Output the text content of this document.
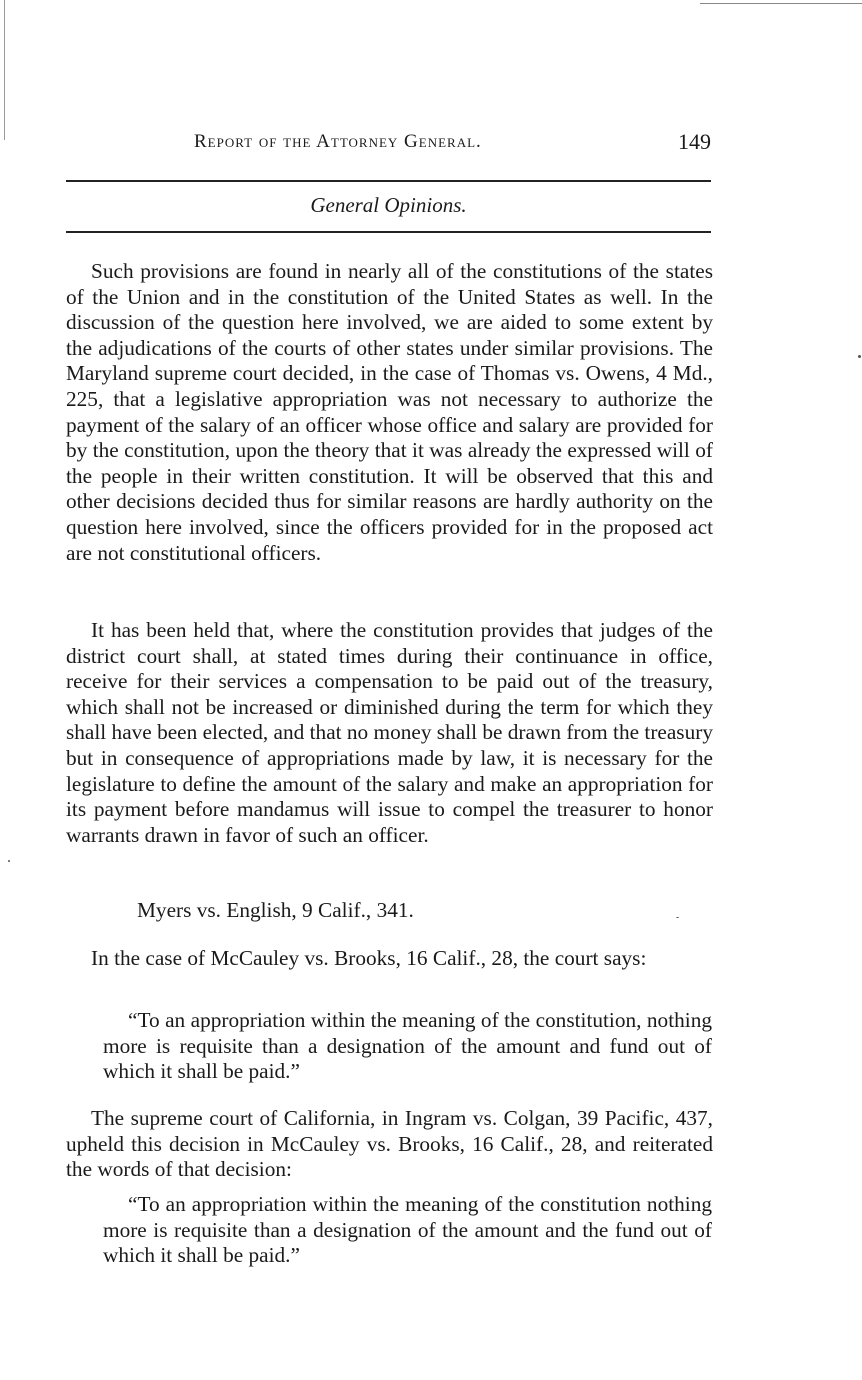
Report of the Attorney General.	149
General Opinions.
Such provisions are found in nearly all of the constitutions of the states of the Union and in the constitution of the United States as well. In the discussion of the question here involved, we are aided to some extent by the adjudications of the courts of other states under similar provisions. The Maryland supreme court decided, in the case of Thomas vs. Owens, 4 Md., 225, that a legislative appropriation was not necessary to authorize the payment of the salary of an officer whose office and salary are provided for by the constitution, upon the theory that it was already the expressed will of the people in their written constitution. It will be observed that this and other decisions decided thus for similar reasons are hardly authority on the question here involved, since the officers provided for in the proposed act are not constitutional officers.
It has been held that, where the constitution provides that judges of the district court shall, at stated times during their continuance in office, receive for their services a compensation to be paid out of the treasury, which shall not be increased or diminished during the term for which they shall have been elected, and that no money shall be drawn from the treasury but in consequence of appropriations made by law, it is necessary for the legislature to define the amount of the salary and make an appropriation for its payment before mandamus will issue to compel the treasurer to honor warrants drawn in favor of such an officer.
Myers vs. English, 9 Calif., 341.
In the case of McCauley vs. Brooks, 16 Calif., 28, the court says:
“To an appropriation within the meaning of the constitution, nothing more is requisite than a designation of the amount and fund out of which it shall be paid.”
The supreme court of California, in Ingram vs. Colgan, 39 Pacific, 437, upheld this decision in McCauley vs. Brooks, 16 Calif., 28, and reiterated the words of that decision:
“To an appropriation within the meaning of the constitution nothing more is requisite than a designation of the amount and the fund out of which it shall be paid.”
